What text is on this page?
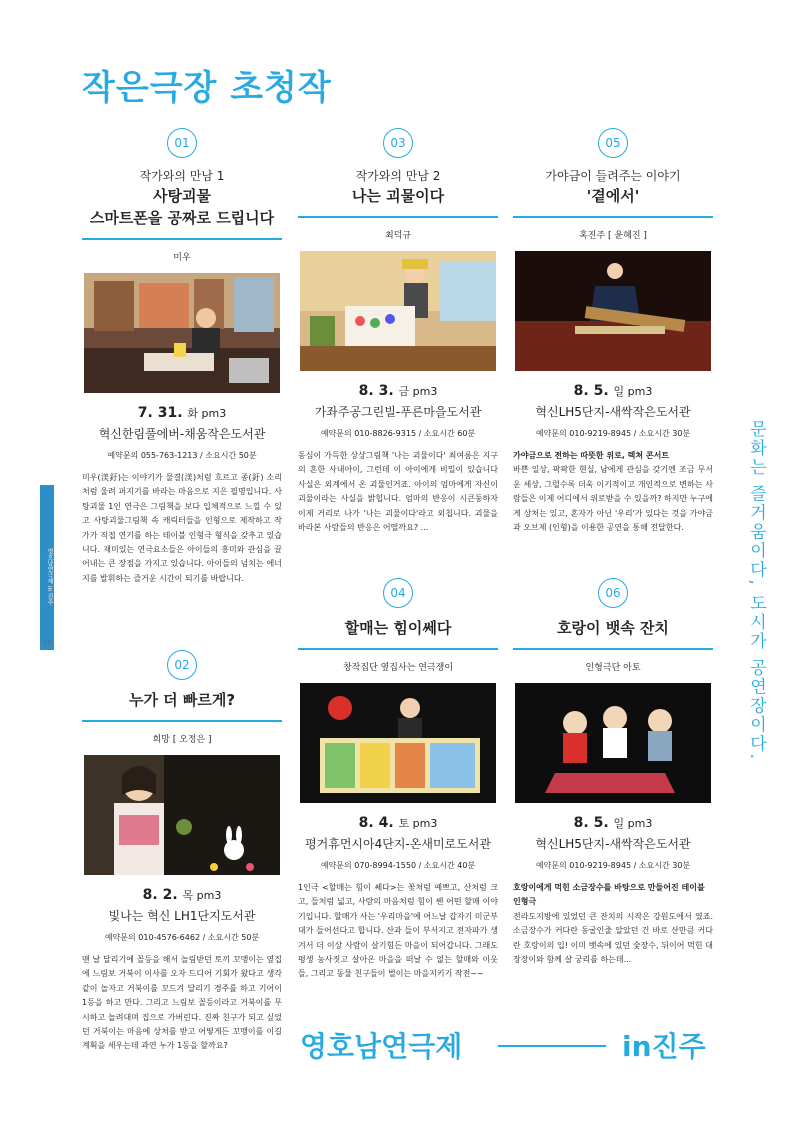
작은극장 초청작
01
작가와의 만남 1
사탕괴물
스마트폰을 공짜로 드립니다
미우
7. 31. 화 pm3
혁신한림풀에버-채움작은도서관
예약문의 055-763-1213 / 소요시간 50분
미우(渼釪)는 이야기가 물결(渼)처럼 흐르고 종(釪) 소리처럼 울려 퍼지기를 바라는 마음으로 지은 필명입니다. 사탕괴물 1인 연극은 그림책을 보다 입체적으로 느낄 수 있고 사탕괴물그림책 속 캐릭터들을 인형으로 제작하고 작가가 직접 연기를 하는 테이블 인형극 형식을 갖추고 있습니다. 재미있는 연극요소들은 아이들의 흥미와 관심을 끌어내는 큰 장점을 가지고 있습니다. 아이들의 넘치는 에너지를 발휘하는 즐거운 시간이 되기를 바랍니다.
02
누가 더 빠르게?
희망 [ 오정은 ]
8. 2. 목 pm3
빛나는 혁신 LH1단지도서관
예약문의 010-4576-6462 / 소요시간 50분
맨 날 달리기에 꼴등을 해서 놀림받던 토끼 꼬맹이는 옆집에 느림보 거북이 이사를 오자 드디어 기회가 왔다고 생각 같이 놀자고 거북이를 꼬드겨 달리기 경주를 하고 기어이 1등을 하고 만다. 그리고 느림보 꼴등이라고 거북이를 무시하고 놀려대며 집으로 가버린다. 진짜 친구가 되고 싶었던 거북이는 마음에 상처를 받고 어떻게든 꼬맹이를 이길 계획을 세우는데 과연 누가 1등을 할까요?
03
작가와의 만남 2
나는 괴물이다
최덕규
8. 3. 금 pm3
가좌주공그린빌-푸른마을도서관
예약문의 010-8826-9315 / 소요시간 60분
동심이 가득한 상상그림책 '나는 괴물이다' 최여름은 지구의 흔한 사내아이, 그런데 이 아이에게 비밀이 있습니다 사실은 외계에서 온 괴물인거죠. 아이의 엄마에게 자신이 괴물이라는 사실을 밝힙니다. 엄마의 반응이 시큰둥하자 이제 거리로 나가 '나는 괴물이다'라고 외칩니다. 괴물을 바라본 사람들의 반응은 어떨까요? ...
04
할매는 힘이쎄다
창작집단 옆집사는 연극쟁이
8. 4. 토 pm3
평거휴먼시아4단지-온새미로도서관
예약문의 070-8994-1550 / 소요시간 40분
1인극 <할매는 힘이 쎄다>는 꽃처럼 예쁘고, 산처럼 크고, 들처럼 넓고, 사람의 마음처럼 힘이 쎈 어떤 할매 이야기입니다. 할매가 사는 '우리마을'에 어느날 갑자기 미군부대가 들어선다고 합니다. 산과 들이 부서지고 전자파가 생겨서 더 이상 사람이 살기힘든 마을이 되어갑니다. 그래도 평생 농사짓고 살아온 마을을 떠날 수 없는 할매와 이웃들, 그리고 동물 친구들이 벌이는 마을지키기 작전~~
05
가야금이 들려주는 이야기
'곁에서'
혹진주 [ 윤혜진 ]
8. 5. 일 pm3
혁신LH5단지-새싹작은도서관
예약문의 010-9219-8945 / 소요시간 30분
가야금으로 전하는 따뜻한 위로, 렉쳐 콘서트
바쁜 일상, 팍팍한 현실, 남에게 관심을 갖기엔 조금 무서운 세상, 그럴수록 더욱 이기적이고 개인적으로 변하는 사람들은 이제 어디에서 위로받을 수 있을까? 하지만 누구에게 상처는 있고, 혼자가 아닌 '우리'가 있다는 것을 가야금과 오브제 (인형)을 이용한 공연을 통해 전달한다.
06
호랑이 뱃속 잔치
인형극단 아토
8. 5. 일 pm3
혁신LH5단지-새싹작은도서관
예약문의 010-9219-8945 / 소요시간 30분
호랑이에게 먹힌 소금장수를 바탕으로 만들어진 테이블 인형극
전라도지방에 있었던 큰 잔치의 시작은 강원도에서 였죠. 소금장수가 커다란 동굴인줄 알았던 건 바로 산만큼 커다란 호랑이의 입! 이미 뱃속에 있던 숯장수, 뒤이어 먹힌 대장장이와 함께 살 궁리를 하는데...
NAVER
영호남연극제 in 진주
13	문화는 즐거움이다, 도시가 공연장이다.
영호남연극제	in진주
